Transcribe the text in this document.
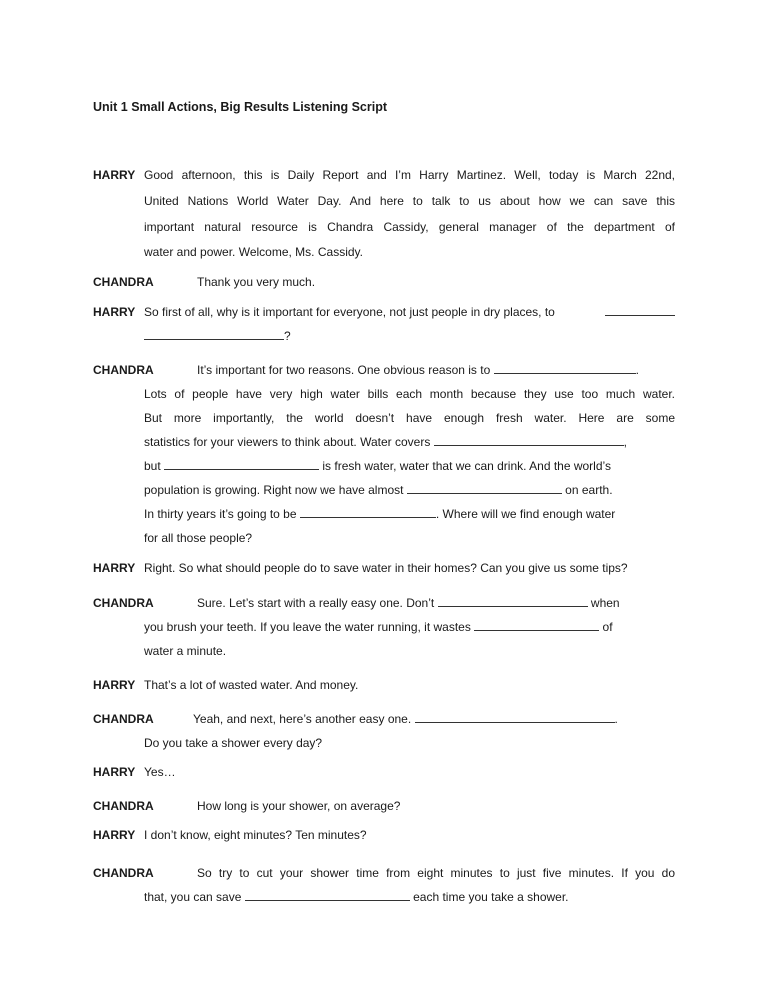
Unit 1 Small Actions, Big Results Listening Script
HARRY Good afternoon, this is Daily Report and I’m Harry Martinez. Well, today is March 22nd,
United Nations World Water Day. And here to talk to us about how we can save this
important natural resource is Chandra Cassidy, general manager of the department of
water and power. Welcome, Ms. Cassidy.
CHANDRA	Thank you very much.
HARRY So first of all, why is it important for everyone, not just people in dry places, to
?
CHANDRA	It’s important for two reasons. One obvious reason is to	.
Lots of people have very high water bills each month because they use too much water.
But more importantly, the world doesn’t have enough fresh water. Here are some
statistics for your viewers to think about. Water covers	,
but	is fresh water, water that we can drink. And the world’s
population is growing. Right now we have almost	on earth.
In thirty years it’s going to be	. Where will we find enough water
for all those people?
HARRY Right. So what should people do to save water in their homes? Can you give us some tips?
CHANDRA	Sure. Let’s start with a really easy one. Don’t	when
you brush your teeth. If you leave the water running, it wastes	of
water a minute.
HARRY That’s a lot of wasted water. And money.
CHANDRA	Yeah, and next, here’s another easy one.	.
Do you take a shower every day?
HARRY Yes…
CHANDRA	How long is your shower, on average?
HARRY I don’t know, eight minutes? Ten minutes?
CHANDRA	So try to cut your shower time from eight minutes to just five minutes. If you do
that, you can save	each time you take a shower.
